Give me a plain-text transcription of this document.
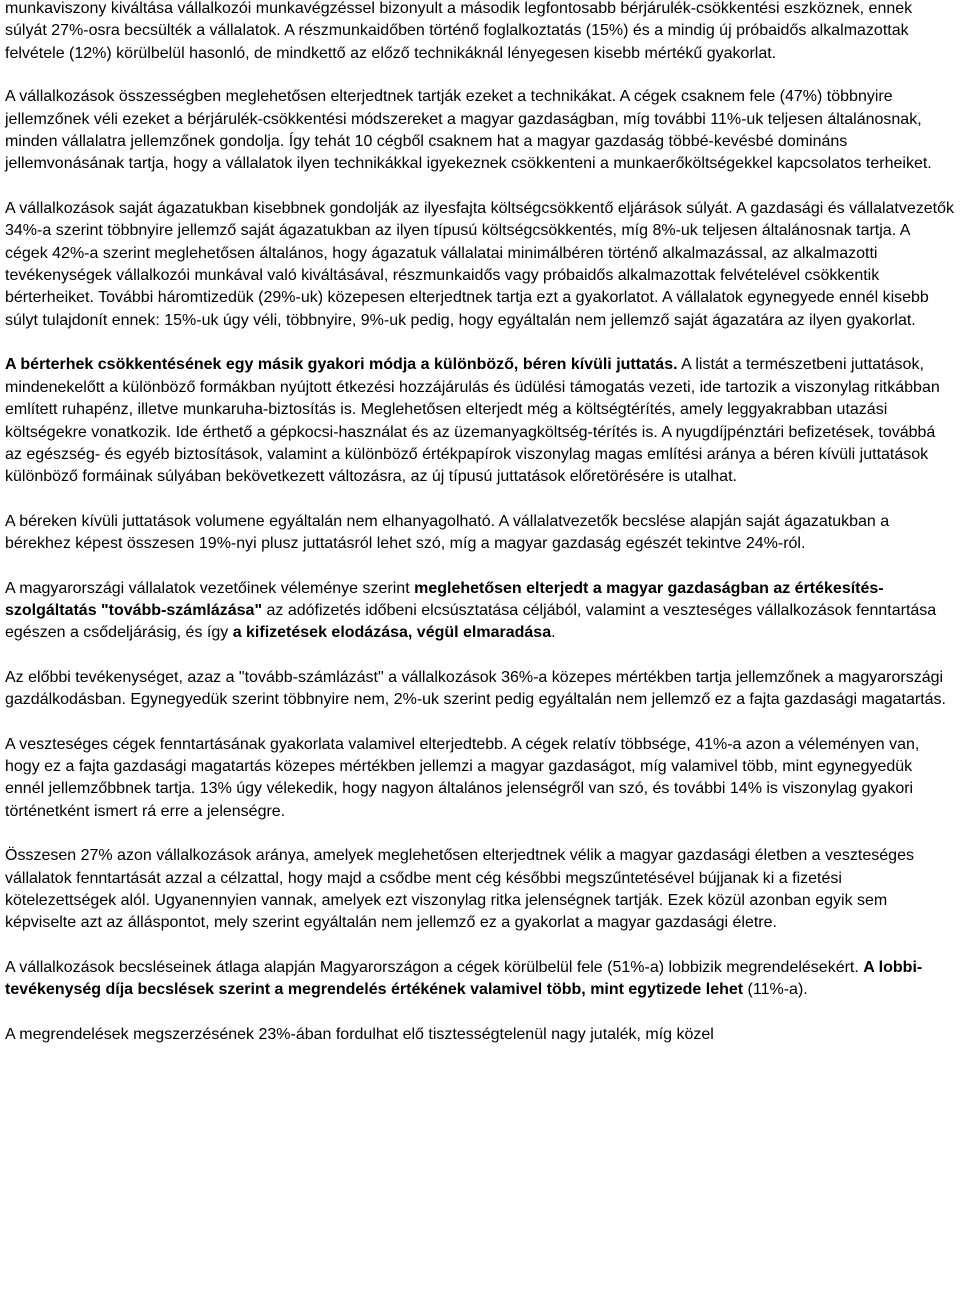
munkaviszony kiváltása vállalkozói munkavégzéssel bizonyult a második legfontosabb bérjárulék-csökkentési eszköznek, ennek súlyát 27%-osra becsülték a vállalatok. A részmunkaidőben történő foglalkoztatás (15%) és a mindig új próbaidős alkalmazottak felvétele (12%) körülbelül hasonló, de mindkettő az előző technikáknál lényegesen kisebb mértékű gyakorlat.

A vállalkozások összességben meglehetősen elterjedtnek tartják ezeket a technikákat. A cégek csaknem fele (47%) többnyire jellemzőnek véli ezeket a bérjárulék-csökkentési módszereket a magyar gazdaságban, míg további 11%-uk teljesen általánosnak, minden vállalatra jellemzőnek gondolja. Így tehát 10 cégből csaknem hat a magyar gazdaság többé-kevésbé domináns jellemvonásának tartja, hogy a vállalatok ilyen technikákkal igyekeznek csökkenteni a munkaerőköltségekkel kapcsolatos terheiket.

A vállalkozások saját ágazatukban kisebbnek gondolják az ilyesfajta költségcsökkentő eljárások súlyát. A gazdasági és vállalatvezetők 34%-a szerint többnyire jellemző saját ágazatukban az ilyen típusú költségcsökkentés, míg 8%-uk teljesen általánosnak tartja. A cégek 42%-a szerint meglehetősen általános, hogy ágazatuk vállalatai minimálbéren történő alkalmazással, az alkalmazotti tevékenységek vállalkozói munkával való kiváltásával, részmunkaidős vagy próbaidős alkalmazottak felvételével csökkentik bérterheiket. További háromtizedük (29%-uk) közepesen elterjedtnek tartja ezt a gyakorlatot. A vállalatok egynegyede ennél kisebb súlyt tulajdonít ennek: 15%-uk úgy véli, többnyire, 9%-uk pedig, hogy egyáltalán nem jellemző saját ágazatára az ilyen gyakorlat.

A bérterhek csökkentésének egy másik gyakori módja a különböző, béren kívüli juttatás. A listát a természetbeni juttatások, mindenekelőtt a különböző formákban nyújtott étkezési hozzájárulás és üdülési támogatás vezeti, ide tartozik a viszonylag ritkábban említett ruhapénz, illetve munkaruha-biztosítás is. Meglehetősen elterjedt még a költségtérítés, amely leggyakrabban utazási költségekre vonatkozik. Ide érthető a gépkocsi-használat és az üzemanyagköltség-térítés is. A nyugdíjpénztári befizetések, továbbá az egészség- és egyéb biztosítások, valamint a különböző értékpapírok viszonylag magas említési aránya a béren kívüli juttatások különböző formáinak súlyában bekövetkezett változásra, az új típusú juttatások előretörésére is utalhat.

A béreken kívüli juttatások volumene egyáltalán nem elhanyagolható. A vállalatvezetők becslése alapján saját ágazatukban a bérekhez képest összesen 19%-nyi plusz juttatásról lehet szó, míg a magyar gazdaság egészét tekintve 24%-ról.

A magyarországi vállalatok vezetőinek véleménye szerint meglehetősen elterjedt a magyar gazdaságban az értékesítés-szolgáltatás "tovább-számlázása" az adófizetés időbeni elcsúsztatása céljából, valamint a veszteséges vállalkozások fenntartása egészen a csődeljárásig, és így a kifizetések elodázása, végül elmaradása.

Az előbbi tevékenységet, azaz a "tovább-számlázást" a vállalkozások 36%-a közepes mértékben tartja jellemzőnek a magyarországi gazdálkodásban. Egynegyedük szerint többnyire nem, 2%-uk szerint pedig egyáltalán nem jellemző ez a fajta gazdasági magatartás.

A veszteséges cégek fenntartásának gyakorlata valamivel elterjedtebb. A cégek relatív többsége, 41%-a azon a véleményen van, hogy ez a fajta gazdasági magatartás közepes mértékben jellemzi a magyar gazdaságot, míg valamivel több, mint egynegyedük ennél jellemzőbbnek tartja. 13% úgy vélekedik, hogy nagyon általános jelenségről van szó, és további 14% is viszonylag gyakori történetként ismert rá erre a jelenségre.

Összesen 27% azon vállalkozások aránya, amelyek meglehetősen elterjedtnek vélik a magyar gazdasági életben a veszteséges vállalatok fenntartását azzal a célzattal, hogy majd a csődbe ment cég későbbi megszűntetésével bújjanak ki a fizetési kötelezettségek alól. Ugyanennyien vannak, amelyek ezt viszonylag ritka jelenségnek tartják. Ezek közül azonban egyik sem képviselte azt az álláspontot, mely szerint egyáltalán nem jellemző ez a gyakorlat a magyar gazdasági életre.

A vállalkozások becsléseinek átlaga alapján Magyarországon a cégek körülbelül fele (51%-a) lobbizik megrendelésekért. A lobbi-tevékenység díja becslések szerint a megrendelés értékének valamivel több, mint egytizede lehet (11%-a).

A megrendelések megszerzésének 23%-ában fordulhat elő tisztességtelenül nagy jutalék, míg közel
